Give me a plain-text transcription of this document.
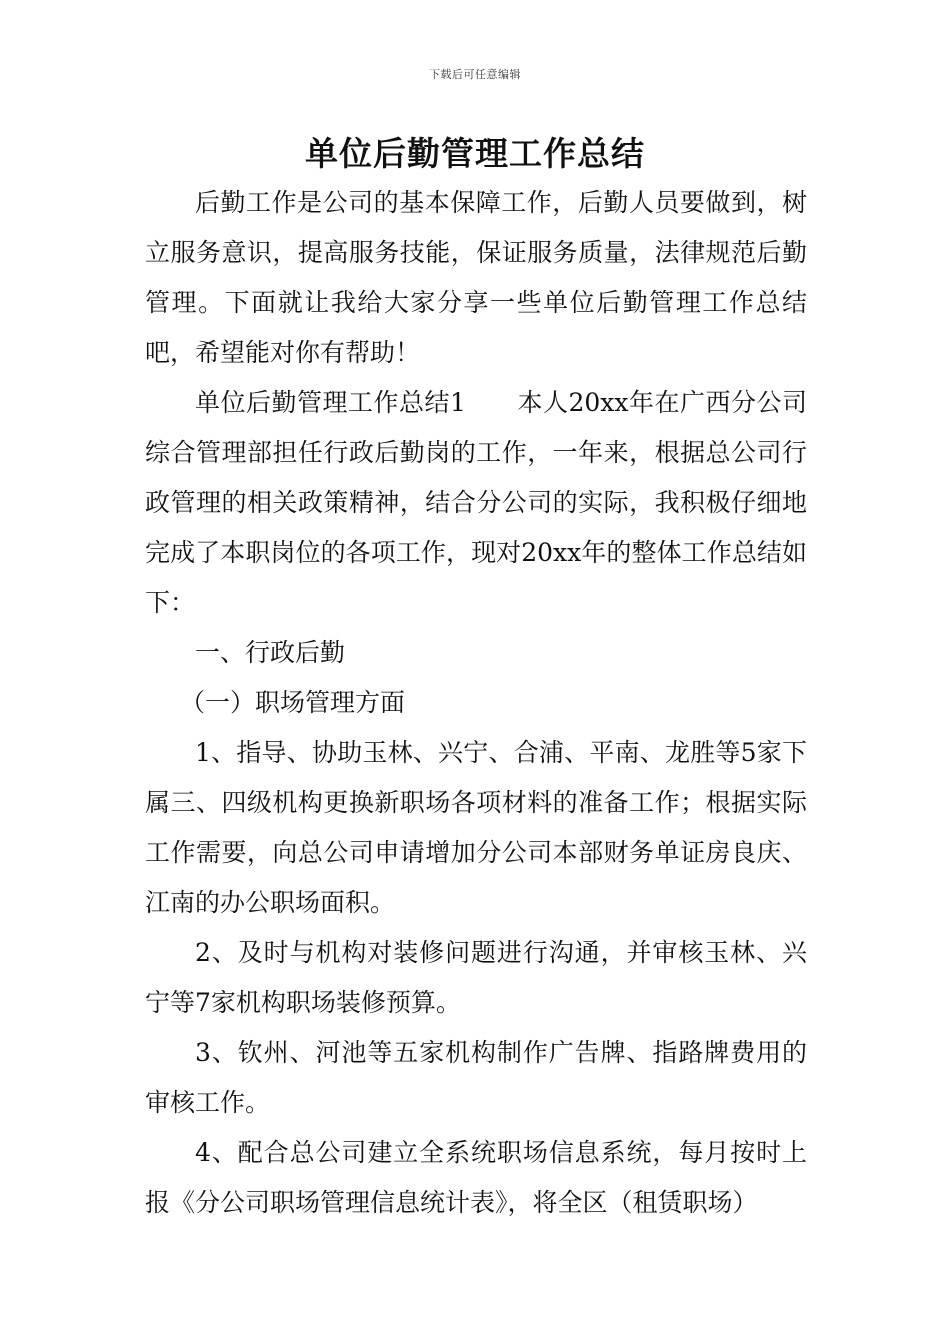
下载后可任意编辑
单位后勤管理工作总结

后勤工作是公司的基本保障工作，后勤人员要做到，树立服务意识，提高服务技能，保证服务质量，法律规范后勤管理。下面就让我给大家分享一些单位后勤管理工作总结吧，希望能对你有帮助！

单位后勤管理工作总结1　　本人20xx年在广西分公司综合管理部担任行政后勤岗的工作，一年来，根据总公司行政管理的相关政策精神，结合分公司的实际，我积极仔细地完成了本职岗位的各项工作，现对20xx年的整体工作总结如下：

一、行政后勤

（一）职场管理方面

1、指导、协助玉林、兴宁、合浦、平南、龙胜等5家下属三、四级机构更换新职场各项材料的准备工作；根据实际工作需要，向总公司申请增加分公司本部财务单证房良庆、江南的办公职场面积。

2、及时与机构对装修问题进行沟通，并审核玉林、兴宁等7家机构职场装修预算。

3、钦州、河池等五家机构制作广告牌、指路牌费用的审核工作。

4、配合总公司建立全系统职场信息系统，每月按时上报《分公司职场管理信息统计表》，将全区（租赁职场）
